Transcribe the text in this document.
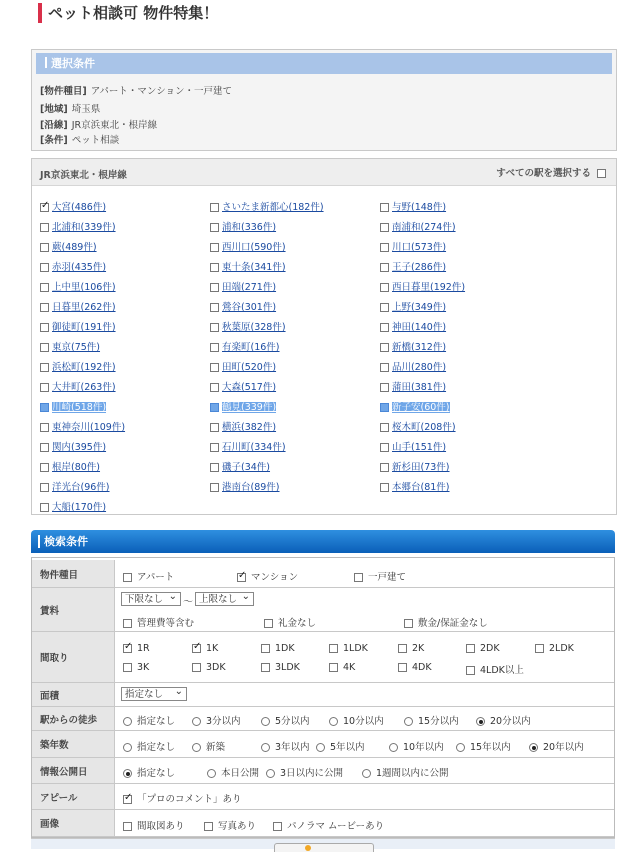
ペット相談可 物件特集！
選択条件
[物件種目] アパート・マンション・一戸建て
[地域] 埼玉県
[沿線] JR京浜東北・根岸線
[条件] ペット相談
JR京浜東北・根岸線	すべての駅を選択する
✓大宮(486件)	さいたま新都心(182件)	与野(148件)
北浦和(339件)	浦和(336件)	南浦和(274件)
蕨(489件)	西川口(590件)	川口(573件)
赤羽(435件)	東十条(341件)	王子(286件)
上中里(106件)	田端(271件)	西日暮里(192件)
日暮里(262件)	鶯谷(301件)	上野(349件)
御徒町(191件)	秋葉原(328件)	神田(140件)
東京(75件)	有楽町(16件)	新橋(312件)
浜松町(192件)	田町(520件)	品川(280件)
大井町(263件)	大森(517件)	蒲田(381件)
川崎(518件)	鶴見(339件)	新子安(60件)
東神奈川(109件)	横浜(382件)	桜木町(208件)
関内(395件)	石川町(334件)	山手(151件)
根岸(80件)	磯子(34件)	新杉田(73件)
洋光台(96件)	港南台(89件)	本郷台(81件)
大船(170件)
検索条件
物件種目	アパート ✓	マンション	一戸建て
賃料
下限なし ⌄	〜 上限なし ⌄
管理費等含む	礼金なし	敷金/保証金なし
間取り
✓1R ✓	1K	1DK	1LDK	2K	2DK	2LDK
3K	3DK	3LDK	4K	4DK	4LDK以上
面積	指定なし ⌄
駅からの徒歩	指定なし	3分以内	5分以内	10分以内	15分以内	20分以内
築年数	指定なし	新築	3年以内	5年以内	10年以内	15年以内	20年以内
情報公開日	指定なし	本日公開	3日以内に公開	1週間以内に公開
アピール ✓	「プロのコメント」あり
画像	間取図あり	写真あり	パノラマ ムービーあり
